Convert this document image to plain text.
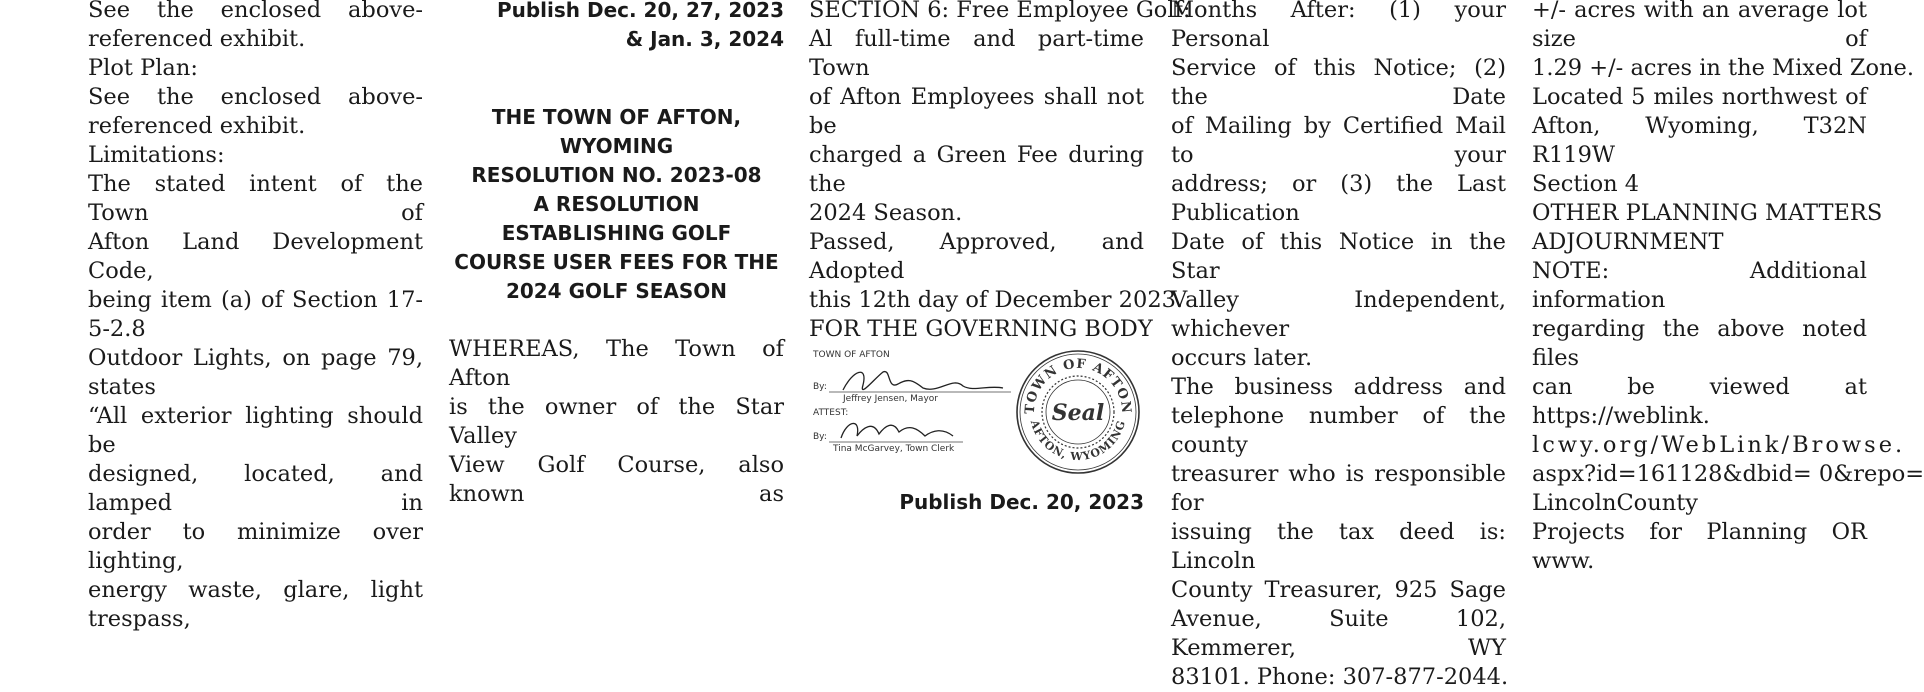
See the enclosed above-
referenced exhibit.
Plot Plan:
See the enclosed above-
referenced exhibit.
Limitations:
The stated intent of the Town of
Afton Land Development Code,
being item (a) of Section 17-5-2.8
Outdoor Lights, on page 79, states
“All exterior lighting should be
designed, located, and lamped in
order to minimize over lighting,
energy waste, glare, light trespass,
Publish Dec. 20, 27, 2023
& Jan. 3, 2024
THE TOWN OF AFTON,
WYOMING
RESOLUTION NO. 2023-08
A RESOLUTION
ESTABLISHING GOLF
COURSE USER FEES FOR THE
2024 GOLF SEASON
WHEREAS, The Town of Afton
is the owner of the Star Valley
View Golf Course, also known as
SECTION 6: Free Employee Golf:
Al full-time and part-time Town
of Afton Employees shall not be
charged a Green Fee during the
2024 Season.
Passed, Approved, and Adopted
this 12th day of December 2023.
FOR THE GOVERNING BODY
TOWN OF AFTON
By:
Jeffrey Jensen, Mayor
ATTEST:
By:
Tina McGarvey, Town Clerk
TOWN OF AFTON
AFTON, WYOMING
Seal
Publish Dec. 20, 2023
Months After: (1) your Personal
Service of this Notice; (2) the Date
of Mailing by Certified Mail to your
address; or (3) the Last Publication
Date of this Notice in the Star
Valley Independent, whichever
occurs later.
The business address and
telephone number of the county
treasurer who is responsible for
issuing the tax deed is: Lincoln
County Treasurer, 925 Sage
Avenue, Suite 102, Kemmerer, WY
83101. Phone: 307-877-2044.
+/- acres with an average lot size of
1.29 +/- acres in the Mixed Zone.
Located 5 miles northwest of
Afton, Wyoming, T32N R119W
Section 4
OTHER PLANNING MATTERS
ADJOURNMENT
NOTE: Additional information
regarding the above noted files
can be viewed at https://weblink.
lcwy.org/WebLink/Browse.
aspx?id=161128&dbid= 0&repo=
LincolnCounty
Projects for Planning OR www.
